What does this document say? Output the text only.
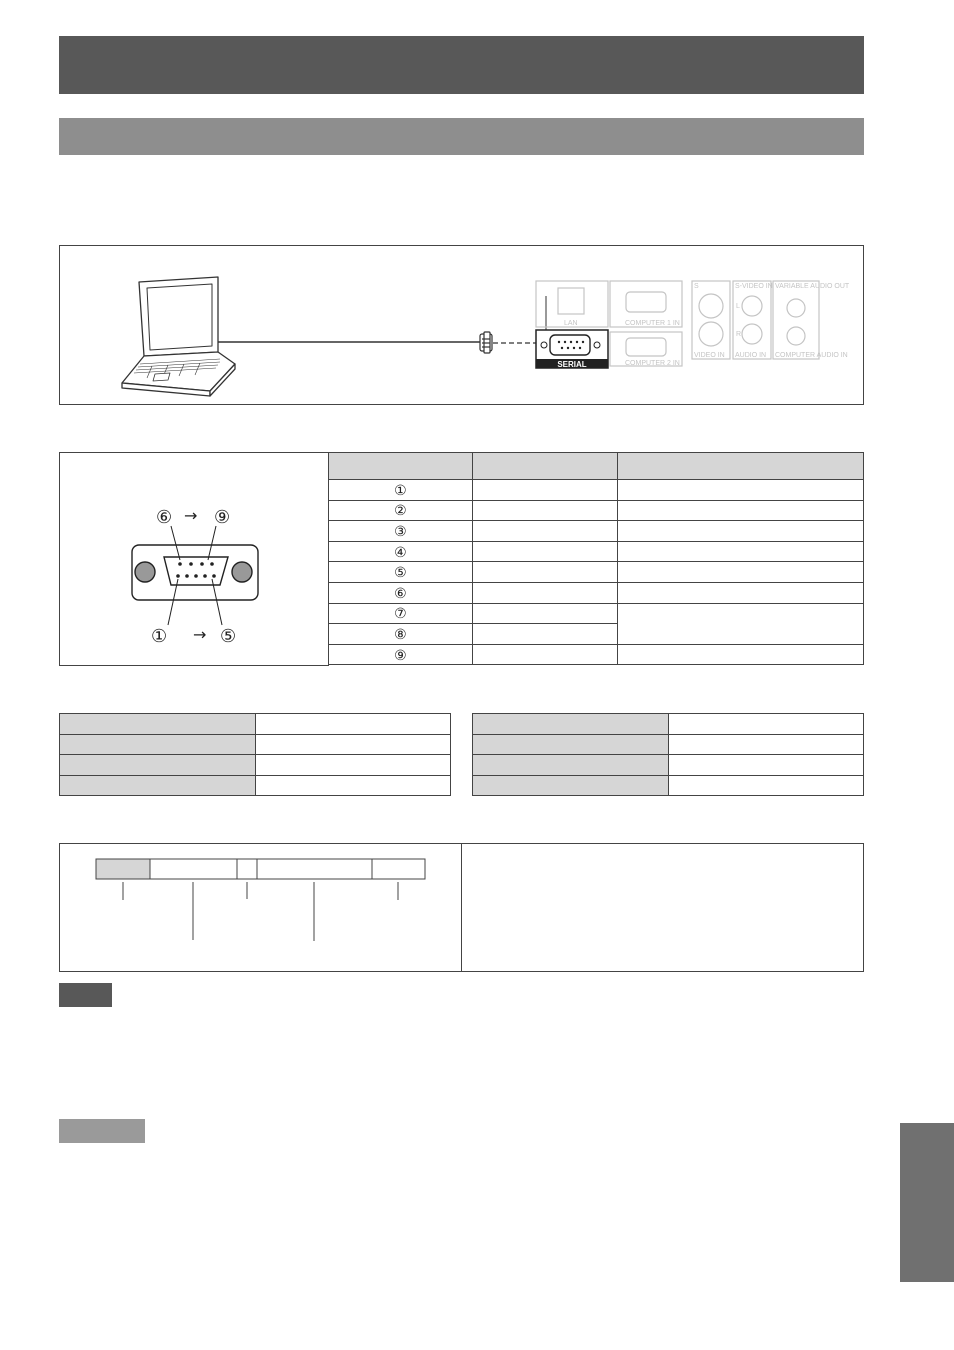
COMPUTER 1 IN
COMPUTER 2 IN
LAN
S
VIDEO IN
S-VIDEO IN
AUDIO IN
L
R
VARIABLE AUDIO OUT
COMPUTER AUDIO IN
SERIAL
⑥ → ⑨
① → ⑤

①		
②		
③		
④		
⑤		
⑥		
⑦		
⑧		
⑨		
